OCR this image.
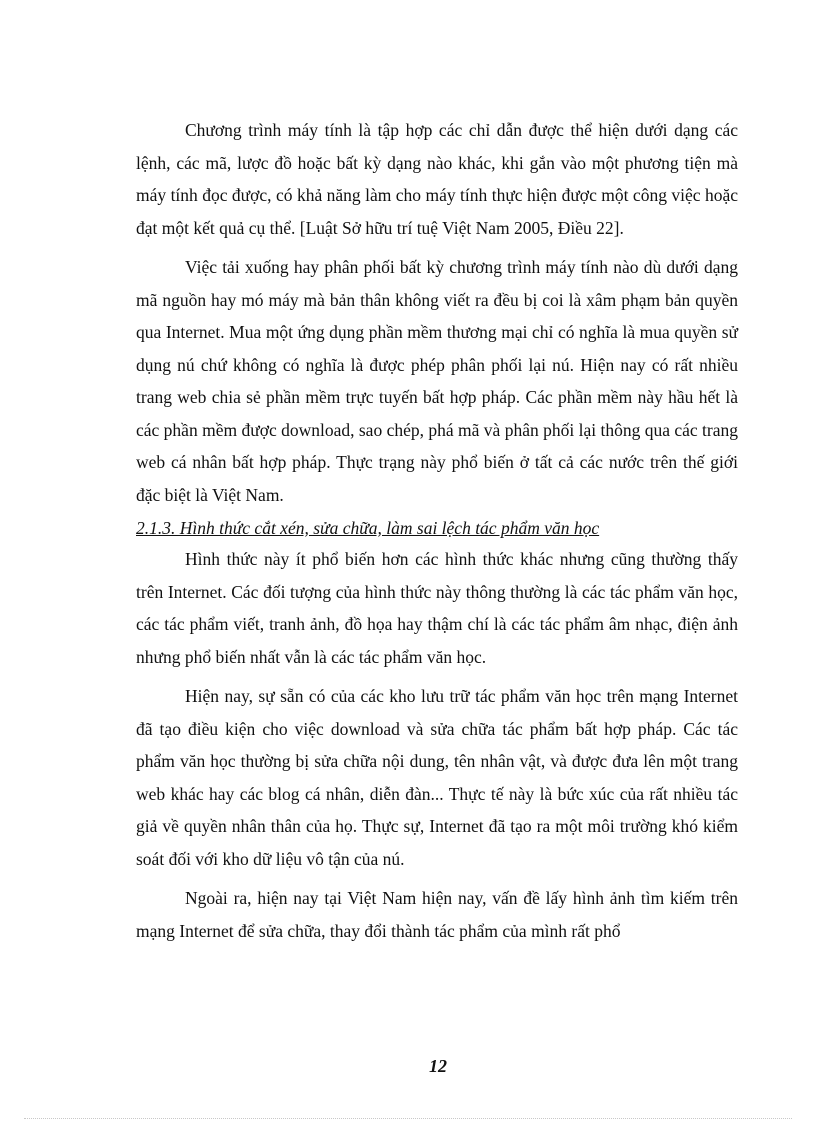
Chương trình máy tính là tập hợp các chỉ dẫn được thể hiện dưới dạng các lệnh, các mã, lược đồ hoặc bất kỳ dạng nào khác, khi gắn vào một phương tiện mà máy tính đọc được, có khả năng làm cho máy tính thực hiện được một công việc hoặc đạt một kết quả cụ thể. [Luật Sở hữu trí tuệ Việt Nam 2005, Điều 22].

Việc tải xuống hay phân phối bất kỳ chương trình máy tính nào dù dưới dạng mã nguồn hay mó máy mà bản thân không viết ra đều bị coi là xâm phạm bản quyền qua Internet. Mua một ứng dụng phần mềm thương mại chỉ có nghĩa là mua quyền sử dụng nú chứ không có nghĩa là được phép phân phối lại nú. Hiện nay có rất nhiều trang web chia sẻ phần mềm trực tuyến bất hợp pháp. Các phần mềm này hầu hết là các phần mềm được download, sao chép, phá mã và phân phối lại thông qua các trang web cá nhân bất hợp pháp. Thực trạng này phổ biến ở tất cả các nước trên thế giới đặc biệt là Việt Nam.

2.1.3. Hình thức cắt xén, sửa chữa, làm sai lệch tác phẩm văn học

Hình thức này ít phổ biến hơn các hình thức khác nhưng cũng thường thấy trên Internet. Các đối tượng của hình thức này thông thường là các tác phẩm văn học, các tác phẩm viết, tranh ảnh, đồ họa hay thậm chí là các tác phẩm âm nhạc, điện ảnh nhưng phổ biến nhất vẫn là các tác phẩm văn học.

Hiện nay, sự sẵn có của các kho lưu trữ tác phẩm văn học trên mạng Internet đã tạo điều kiện cho việc download và sửa chữa tác phẩm bất hợp pháp. Các tác phẩm văn học thường bị sửa chữa nội dung, tên nhân vật, và được đưa lên một trang web khác hay các blog cá nhân, diễn đàn... Thực tế này là bức xúc của rất nhiều tác giả về quyền nhân thân của họ. Thực sự, Internet đã tạo ra một môi trường khó kiểm soát đối với kho dữ liệu vô tận của nú.

Ngoài ra, hiện nay tại Việt Nam hiện nay, vấn đề lấy hình ảnh tìm kiếm trên mạng Internet để sửa chữa, thay đổi thành tác phẩm của mình rất phổ

12
